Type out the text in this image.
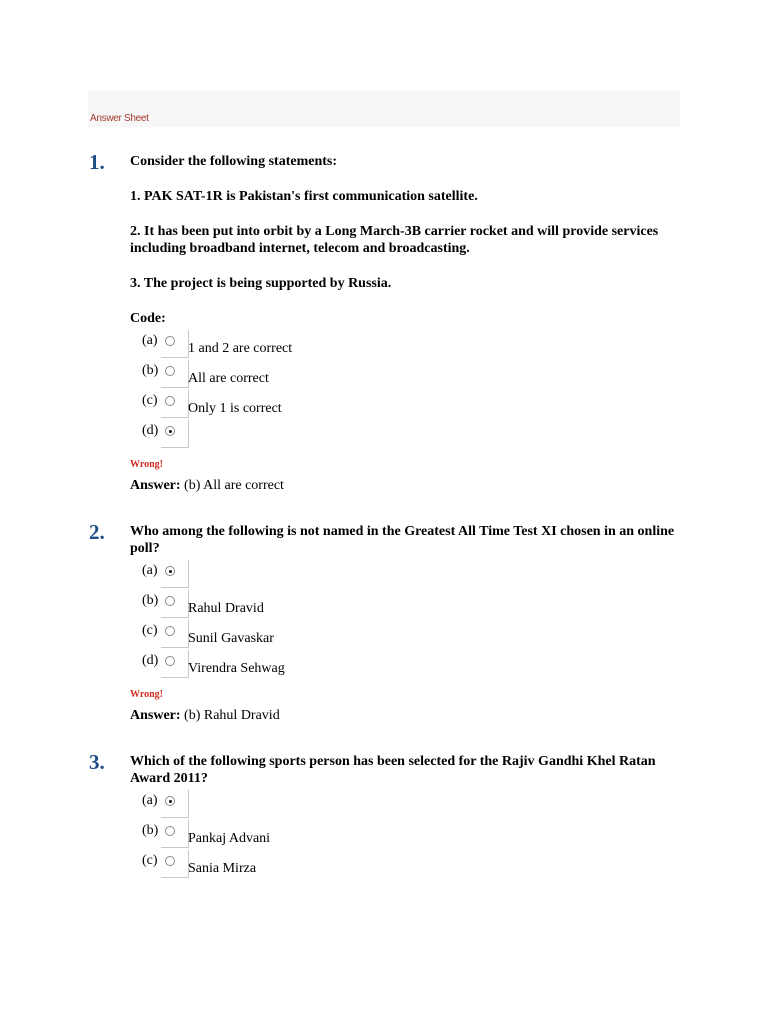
Answer Sheet
1. Consider the following statements:
1. PAK SAT-1R is Pakistan's first communication satellite.
2. It has been put into orbit by a Long March-3B carrier rocket and will provide services including broadband internet, telecom and broadcasting.
3. The project is being supported by Russia.
Code:
(a)
1 and 2 are correct
(b)
All are correct
(c)
Only 1 is correct
(d)
Wrong!
Answer: (b) All are correct
2. Who among the following is not named in the Greatest All Time Test XI chosen in an online poll?
(a)
(b)
Rahul Dravid
(c)
Sunil Gavaskar
(d)
Virendra Sehwag
Wrong!
Answer: (b) Rahul Dravid
3. Which of the following sports person has been selected for the Rajiv Gandhi Khel Ratan Award 2011?
(a)
(b)
Pankaj Advani
(c)
Sania Mirza
